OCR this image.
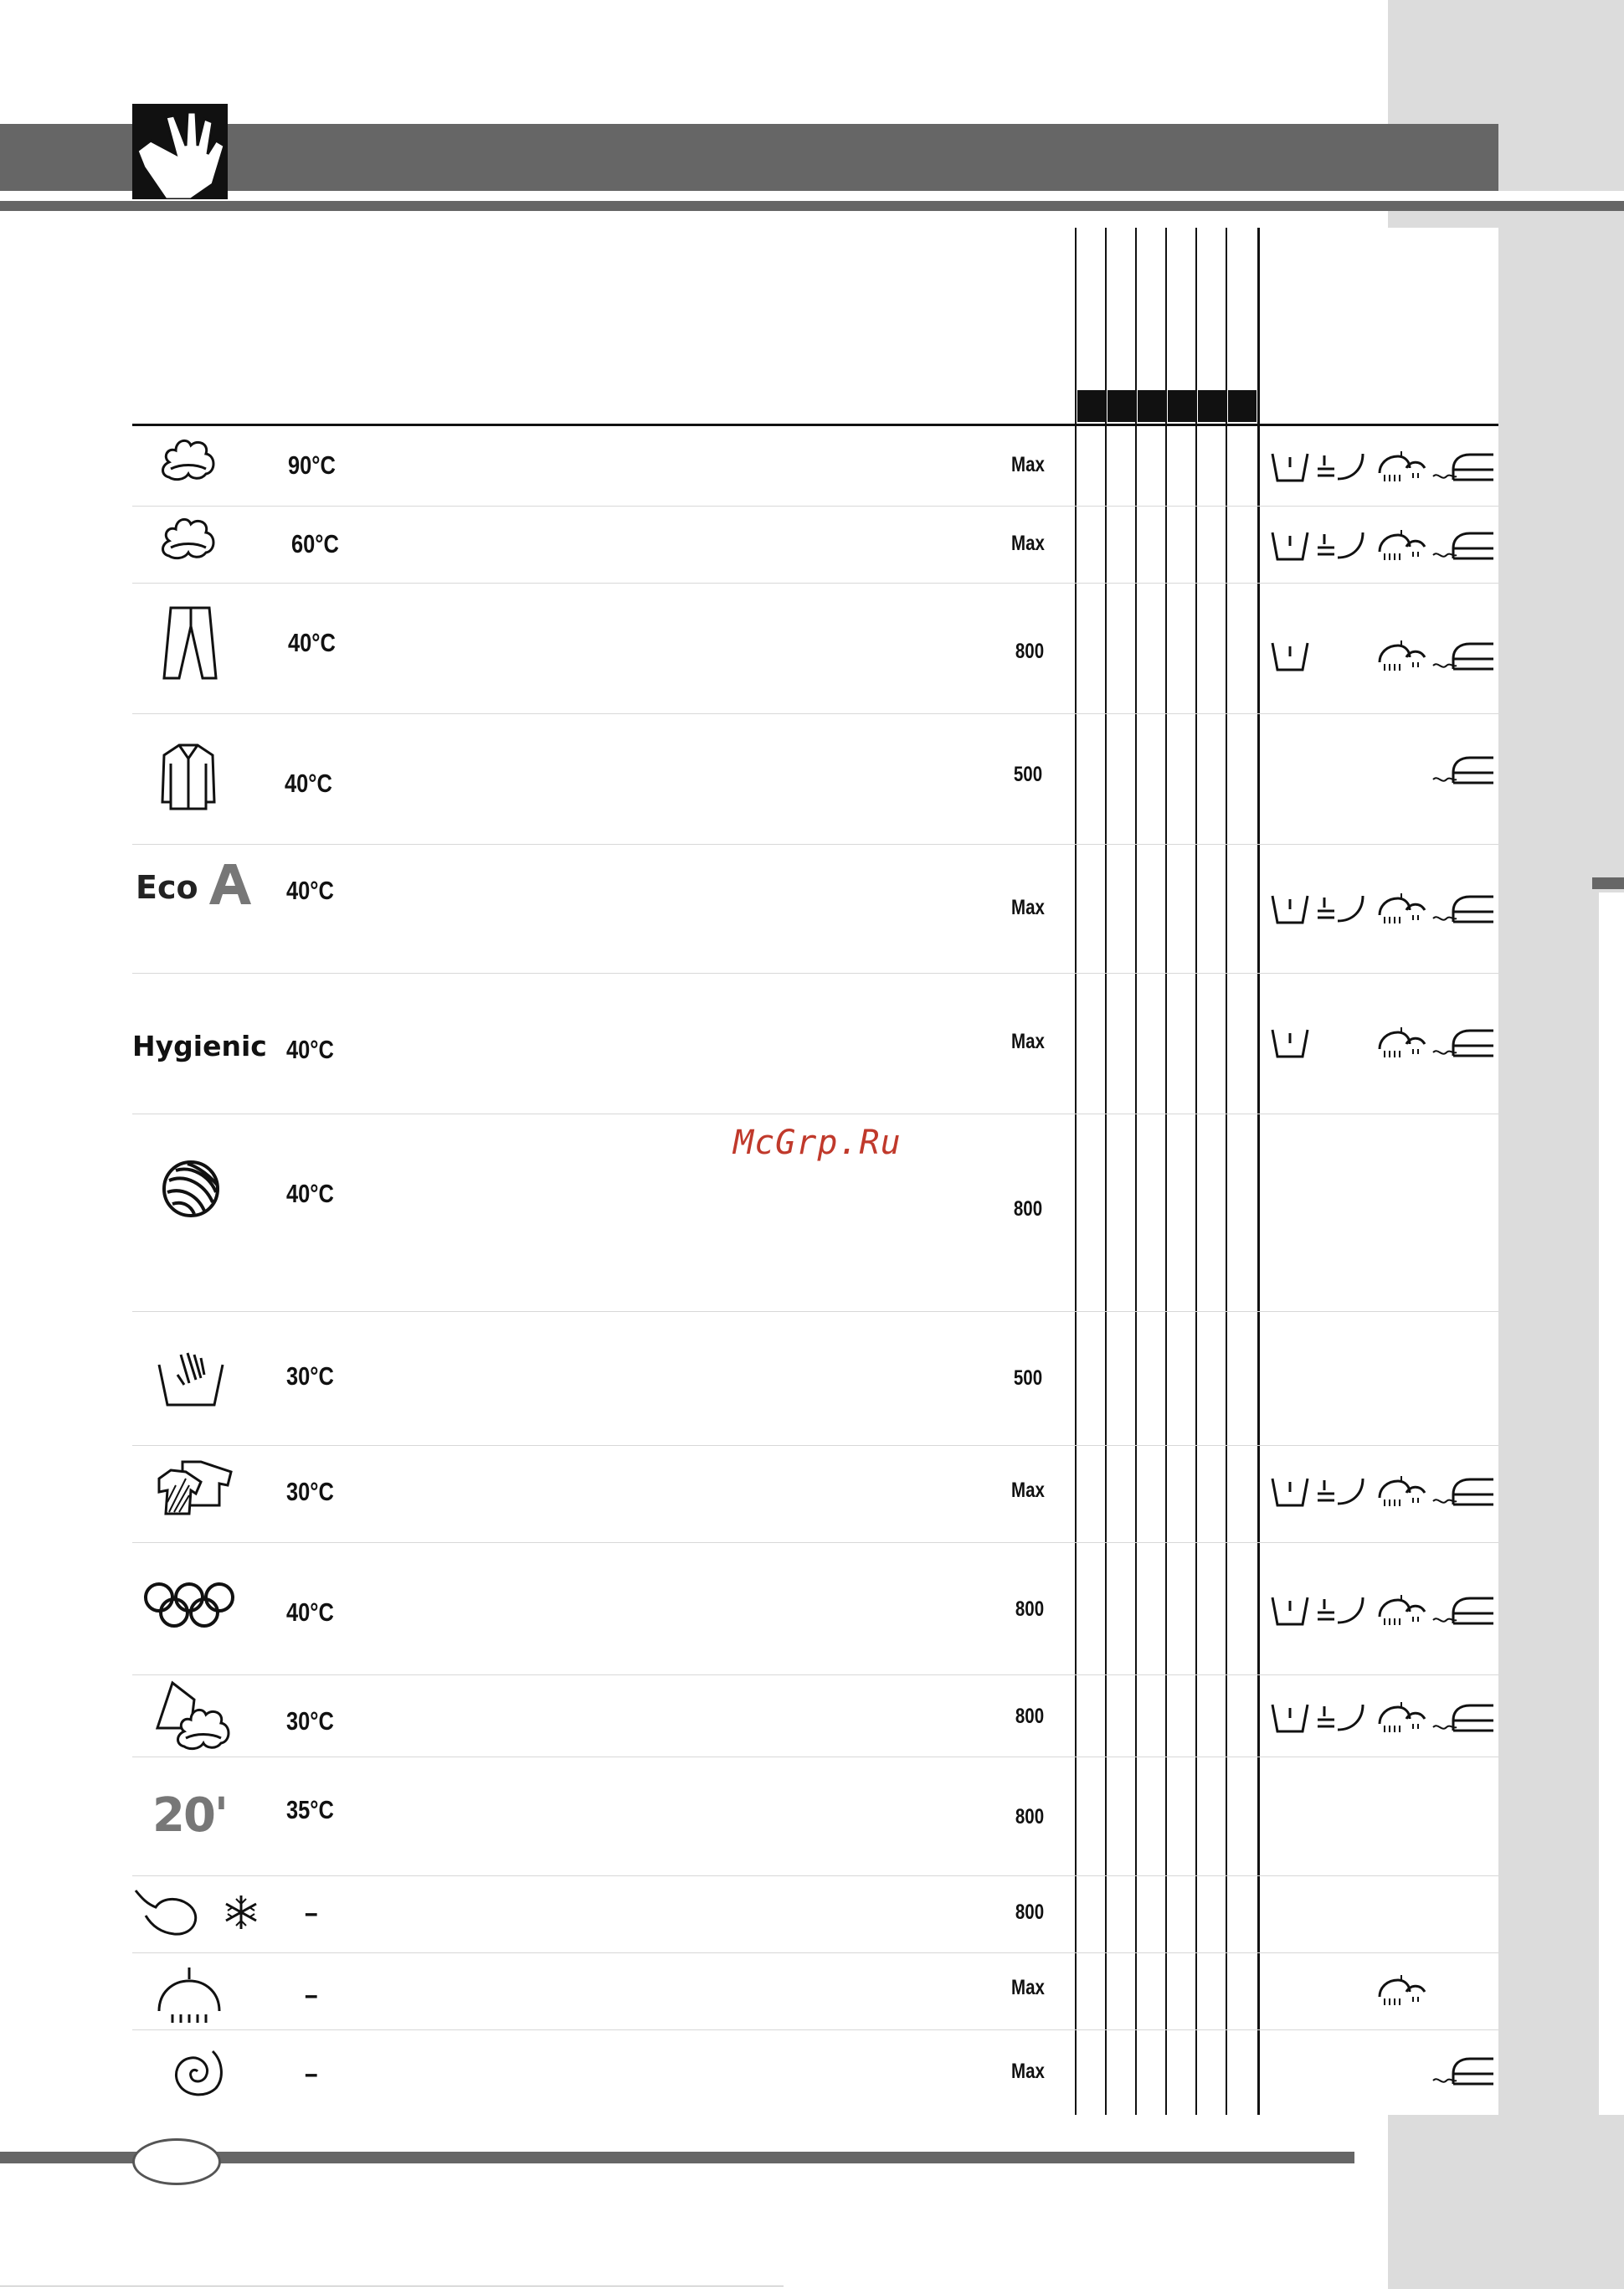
Eco
Hygienic
20'
90°C
60°C
40°C
40°C
40°C
40°C
40°C
30°C
30°C
40°C
30°C
35°C
–
–
–
Max
Max
800
500
Max
Max
800
500
Max
800
800
800
800
Max
Max
McGrp.Ru
